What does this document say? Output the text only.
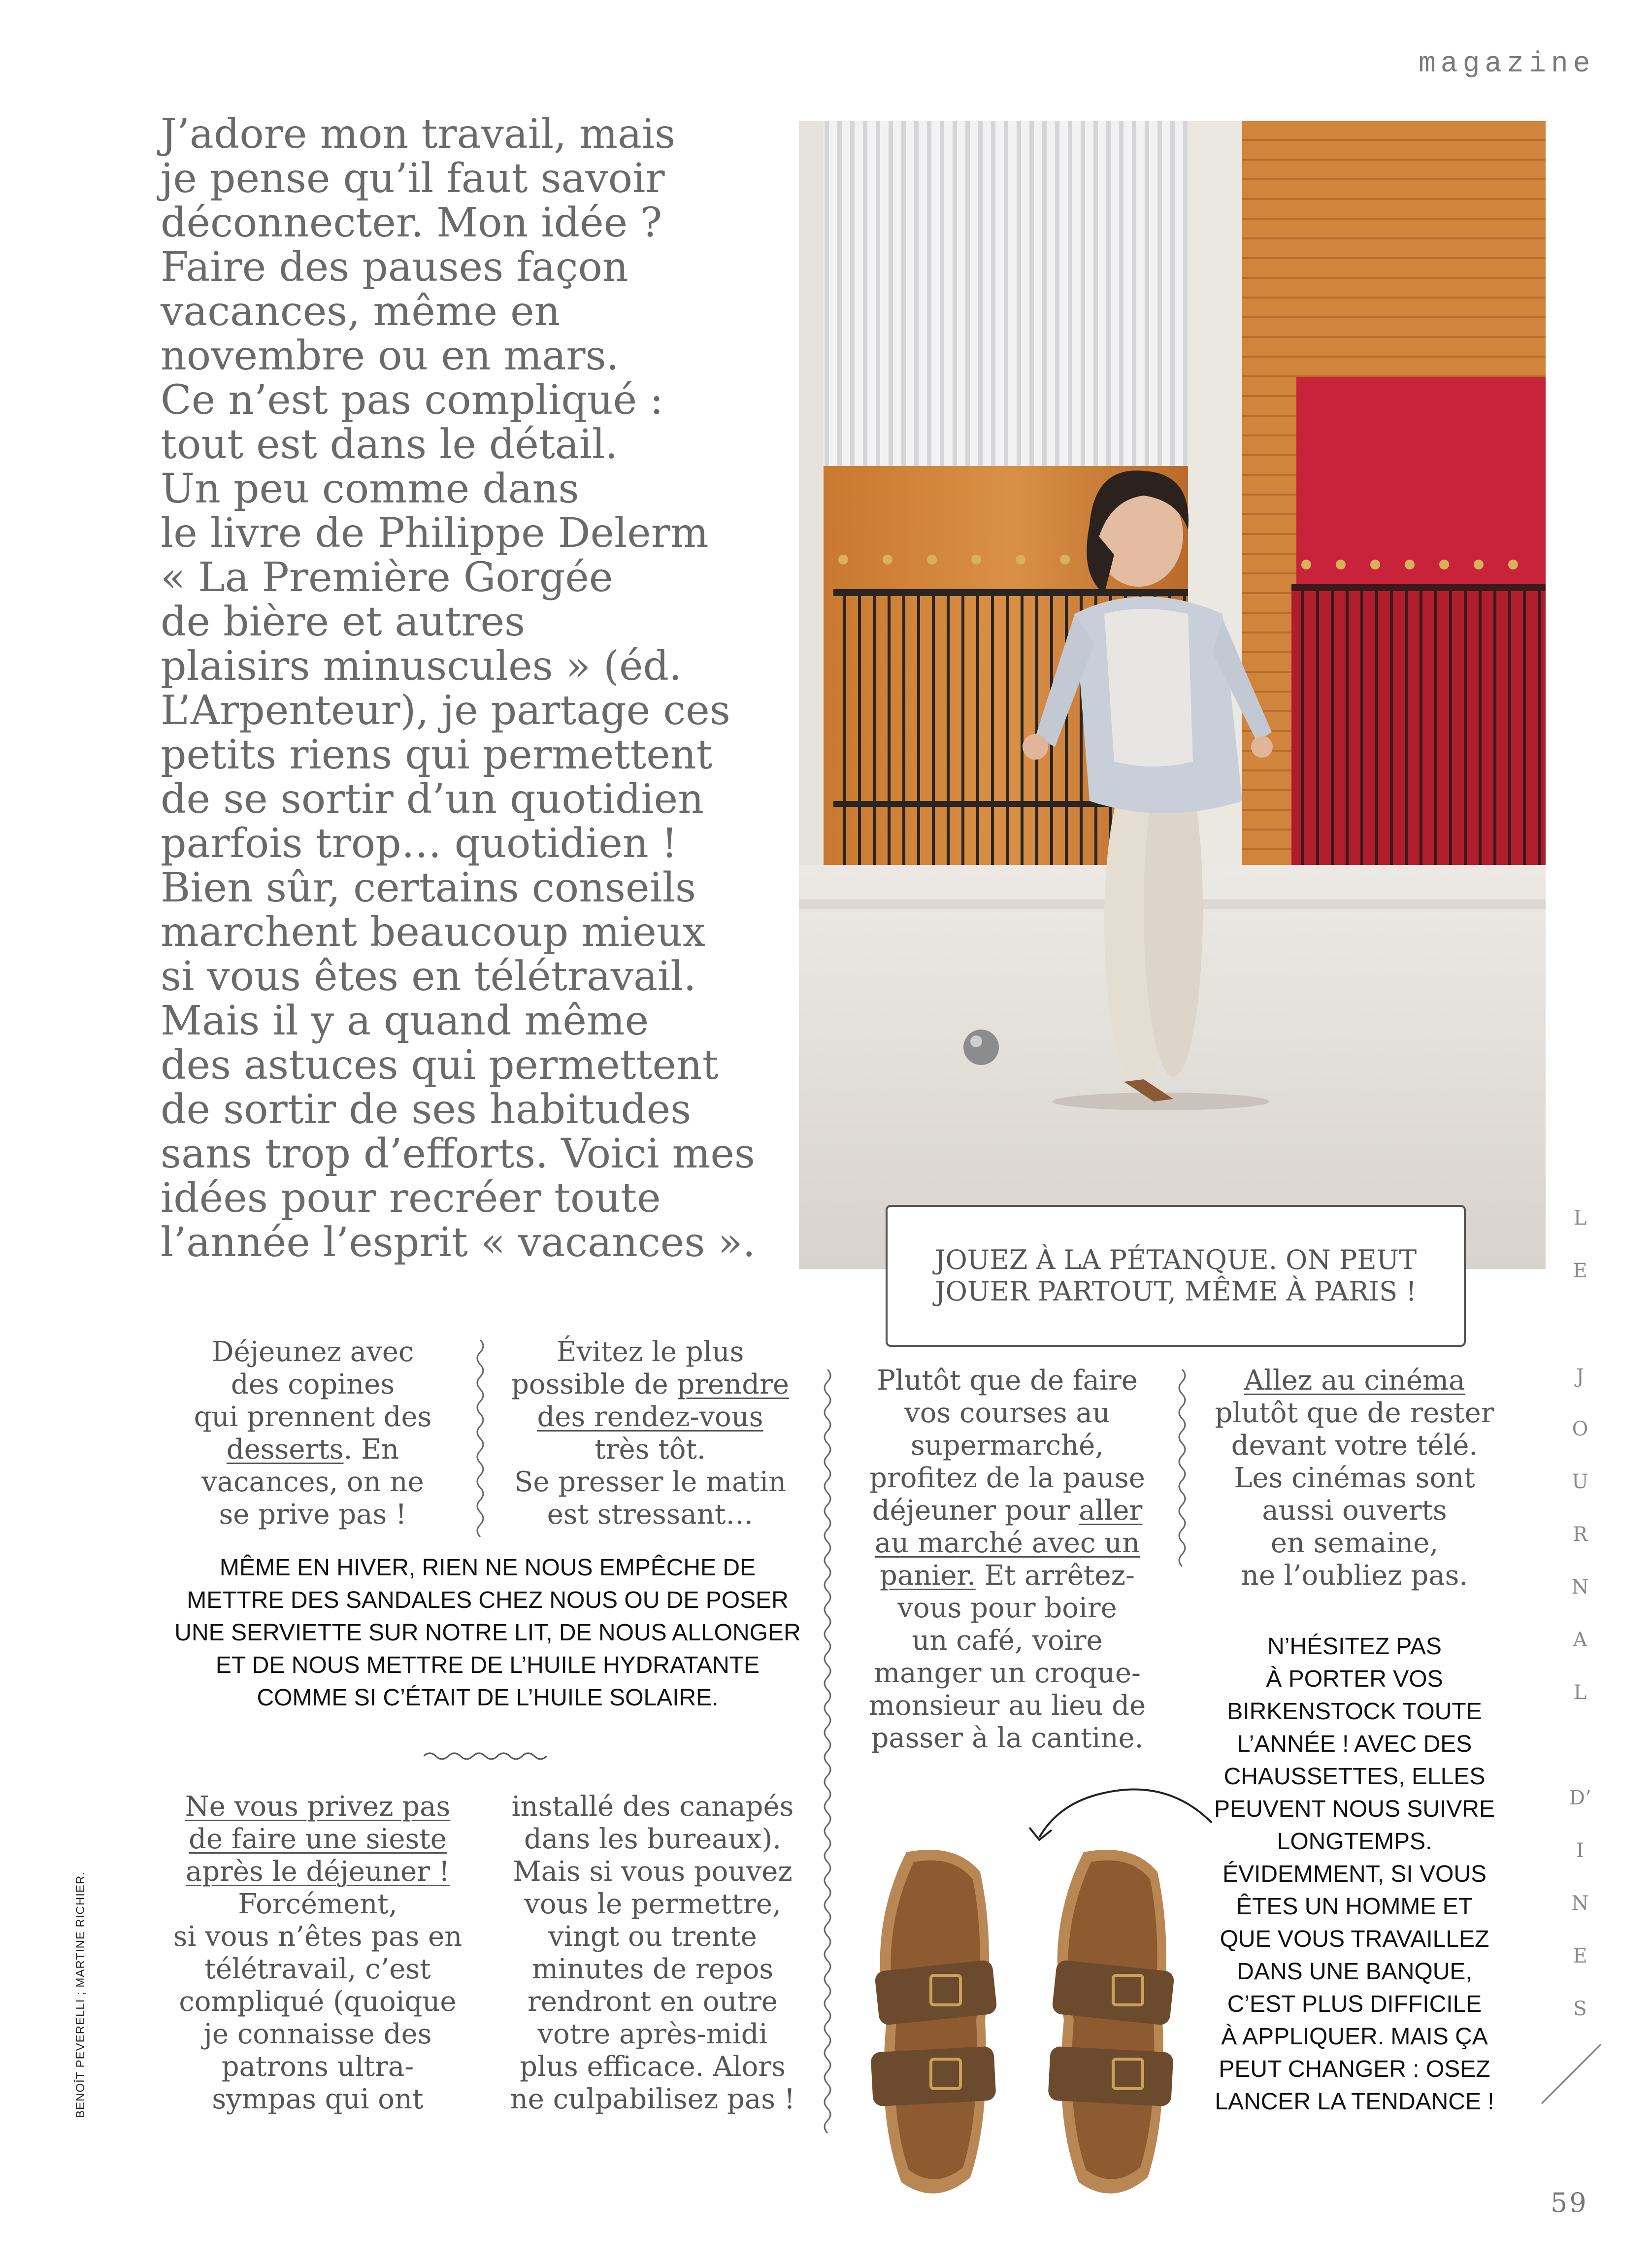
magazine
J’adore mon travail, mais
je pense qu’il faut savoir
déconnecter. Mon idée ?
Faire des pauses façon
vacances, même en
novembre ou en mars.
Ce n’est pas compliqué :
tout est dans le détail.
Un peu comme dans
le livre de Philippe Delerm
« La Première Gorgée
de bière et autres
plaisirs minuscules » (éd.
L’Arpenteur), je partage ces
petits riens qui permettent
de se sortir d’un quotidien
parfois trop… quotidien !
Bien sûr, certains conseils
marchent beaucoup mieux
si vous êtes en télétravail.
Mais il y a quand même
des astuces qui permettent
de sortir de ses habitudes
sans trop d’efforts. Voici mes
idées pour recréer toute
l’année l’esprit « vacances ».	JOUEZ À LA PÉTANQUE. ON PEUT
JOUER PARTOUT, MÊME À PARIS !
Déjeunez avec
des copines
qui prennent des
desserts. En
vacances, on ne
se prive pas !
Évitez le plus
possible de prendre
des rendez-vous
très tôt.
Se presser le matin
est stressant…
MÊME EN HIVER, RIEN NE NOUS EMPÊCHE DE
METTRE DES SANDALES CHEZ NOUS OU DE POSER
UNE SERVIETTE SUR NOTRE LIT, DE NOUS ALLONGER
ET DE NOUS METTRE DE L’HUILE HYDRATANTE
COMME SI C’ÉTAIT DE L’HUILE SOLAIRE.
Plutôt que de faire
vos courses au
supermarché,
profitez de la pause
déjeuner pour aller
au marché avec un
panier. Et arrêtez-
vous pour boire
un café, voire
manger un croque-
monsieur au lieu de
passer à la cantine.
Allez au cinéma
plutôt que de rester
devant votre télé.
Les cinémas sont
aussi ouverts
en semaine,
ne l’oubliez pas.
N’HÉSITEZ PAS
À PORTER VOS
BIRKENSTOCK TOUTE
L’ANNÉE ! AVEC DES
CHAUSSETTES, ELLES
PEUVENT NOUS SUIVRE
LONGTEMPS.
ÉVIDEMMENT, SI VOUS
ÊTES UN HOMME ET
QUE VOUS TRAVAILLEZ
DANS UNE BANQUE,
C’EST PLUS DIFFICILE
À APPLIQUER. MAIS ÇA
PEUT CHANGER : OSEZ
LANCER LA TENDANCE !
Ne vous privez pas
de faire une sieste
après le déjeuner !
Forcément,
si vous n’êtes pas en
télétravail, c’est
compliqué (quoique
je connaisse des
patrons ultra-
sympas qui ont
installé des canapés
dans les bureaux).
Mais si vous pouvez
vous le permettre,
vingt ou trente
minutes de repos
rendront en outre
votre après-midi
plus efficace. Alors
ne culpabilisez pas !
BENOÎT PEVERELLI ; MARTINE RICHIER.
L
E
J
O
U
R
N
A
L
D’
I
N
E
S
59
